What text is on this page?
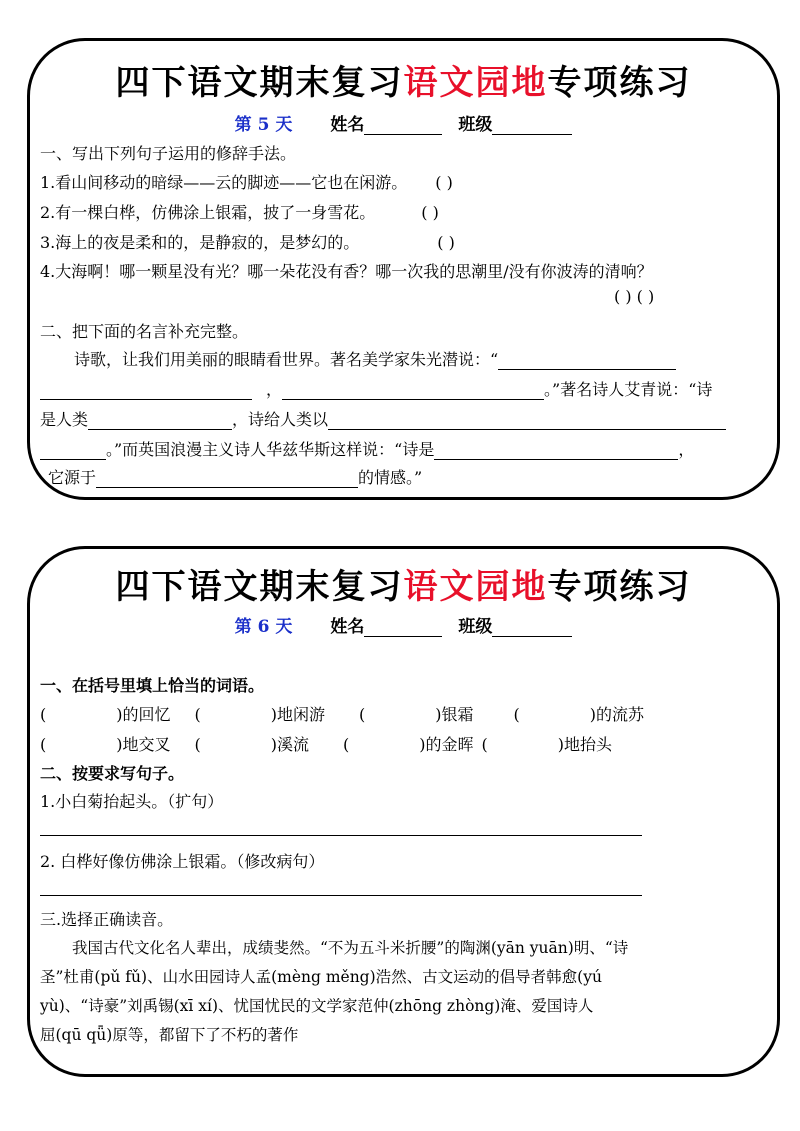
四下语文期末复习语文园地专项练习
第 5 天 姓名	班级
一、写出下列句子运用的修辞手法。
1.看山间移动的暗绿——云的脚迹——它也在闲游。 ( )
2.有一棵白桦，仿佛涂上银霜，披了一身雪花。	( )
3.海上的夜是柔和的，是静寂的，是梦幻的。	( )
4.大海啊！哪一颗星没有光？哪一朵花没有香？哪一次我的思潮里/没有你波涛的清响？
( ) ( )
二、把下面的名言补充完整。
诗歌，让我们用美丽的眼睛看世界。著名美学家朱光潜说：“
，	。”著名诗人艾青说：“诗
是人类	，诗给人类以
。”而英国浪漫主义诗人华兹华斯这样说：“诗是	，
它源于	的情感。”
四下语文期末复习语文园地专项练习
第 6 天 姓名	班级
一、在括号里填上恰当的词语。
(	)的回忆 (	)地闲游 (	)银霜	(	)的流苏
(	)地交叉 (	)溪流 (	)的金晖 (	)地抬头
二、按要求写句子。
1.小白菊抬起头。（扩句）
2. 白桦好像仿佛涂上银霜。（修改病句）
三.选择正确读音。
我国古代文化名人辈出，成绩斐然。“不为五斗米折腰”的陶渊(yān yuān)明、“诗
圣”杜甫(pǔ fǔ)、山水田园诗人孟(mèng měng)浩然、古文运动的倡导者韩愈(yú
yù)、“诗豪”刘禹锡(xī xí)、忧国忧民的文学家范仲(zhōng zhòng)淹、爱国诗人
屈(qū qǖ)原等，都留下了不朽的著作
